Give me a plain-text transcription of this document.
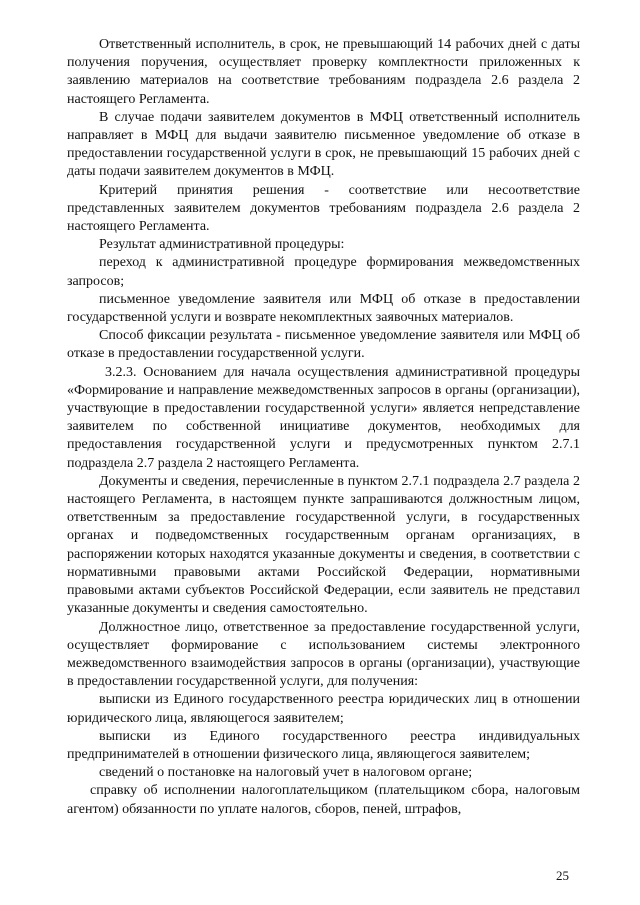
Ответственный исполнитель, в срок, не превышающий 14 рабочих дней с даты получения поручения, осуществляет проверку комплектности приложенных к заявлению материалов на соответствие требованиям подраздела 2.6 раздела 2 настоящего Регламента.

В случае подачи заявителем документов в МФЦ ответственный исполнитель направляет в МФЦ для выдачи заявителю письменное уведомление об отказе в предоставлении государственной услуги в срок, не превышающий 15 рабочих дней с даты подачи заявителем документов в МФЦ.

Критерий принятия решения - соответствие или несоответствие представленных заявителем документов требованиям подраздела 2.6 раздела 2 настоящего Регламента.

Результат административной процедуры:

переход к административной процедуре формирования межведомственных запросов;

письменное уведомление заявителя или МФЦ об отказе в предоставлении государственной услуги и возврате некомплектных заявочных материалов.

Способ фиксации результата - письменное уведомление заявителя или МФЦ об отказе в предоставлении государственной услуги.

3.2.3. Основанием для начала осуществления административной процедуры «Формирование и направление межведомственных запросов в органы (организации), участвующие в предоставлении государственной услуги» является непредставление заявителем по собственной инициативе документов, необходимых для предоставления государственной услуги и предусмотренных пунктом 2.7.1 подраздела 2.7 раздела 2 настоящего Регламента.

Документы и сведения, перечисленные в пунктом 2.7.1 подраздела 2.7 раздела 2 настоящего Регламента, в настоящем пункте запрашиваются должностным лицом, ответственным за предоставление государственной услуги, в государственных органах и подведомственных государственным органам организациях, в распоряжении которых находятся указанные документы и сведения, в соответствии с нормативными правовыми актами Российской Федерации, нормативными правовыми актами субъектов Российской Федерации, если заявитель не представил указанные документы и сведения самостоятельно.

Должностное лицо, ответственное за предоставление государственной услуги, осуществляет формирование с использованием системы электронного межведомственного взаимодействия запросов в органы (организации), участвующие в предоставлении государственной услуги, для получения:

выписки из Единого государственного реестра юридических лиц в отношении юридического лица, являющегося заявителем;

выписки из Единого государственного реестра индивидуальных предпринимателей в отношении физического лица, являющегося заявителем;

сведений о постановке на налоговый учет в налоговом органе;

справку об исполнении налогоплательщиком (плательщиком сбора, налоговым агентом) обязанности по уплате налогов, сборов, пеней, штрафов,

25
